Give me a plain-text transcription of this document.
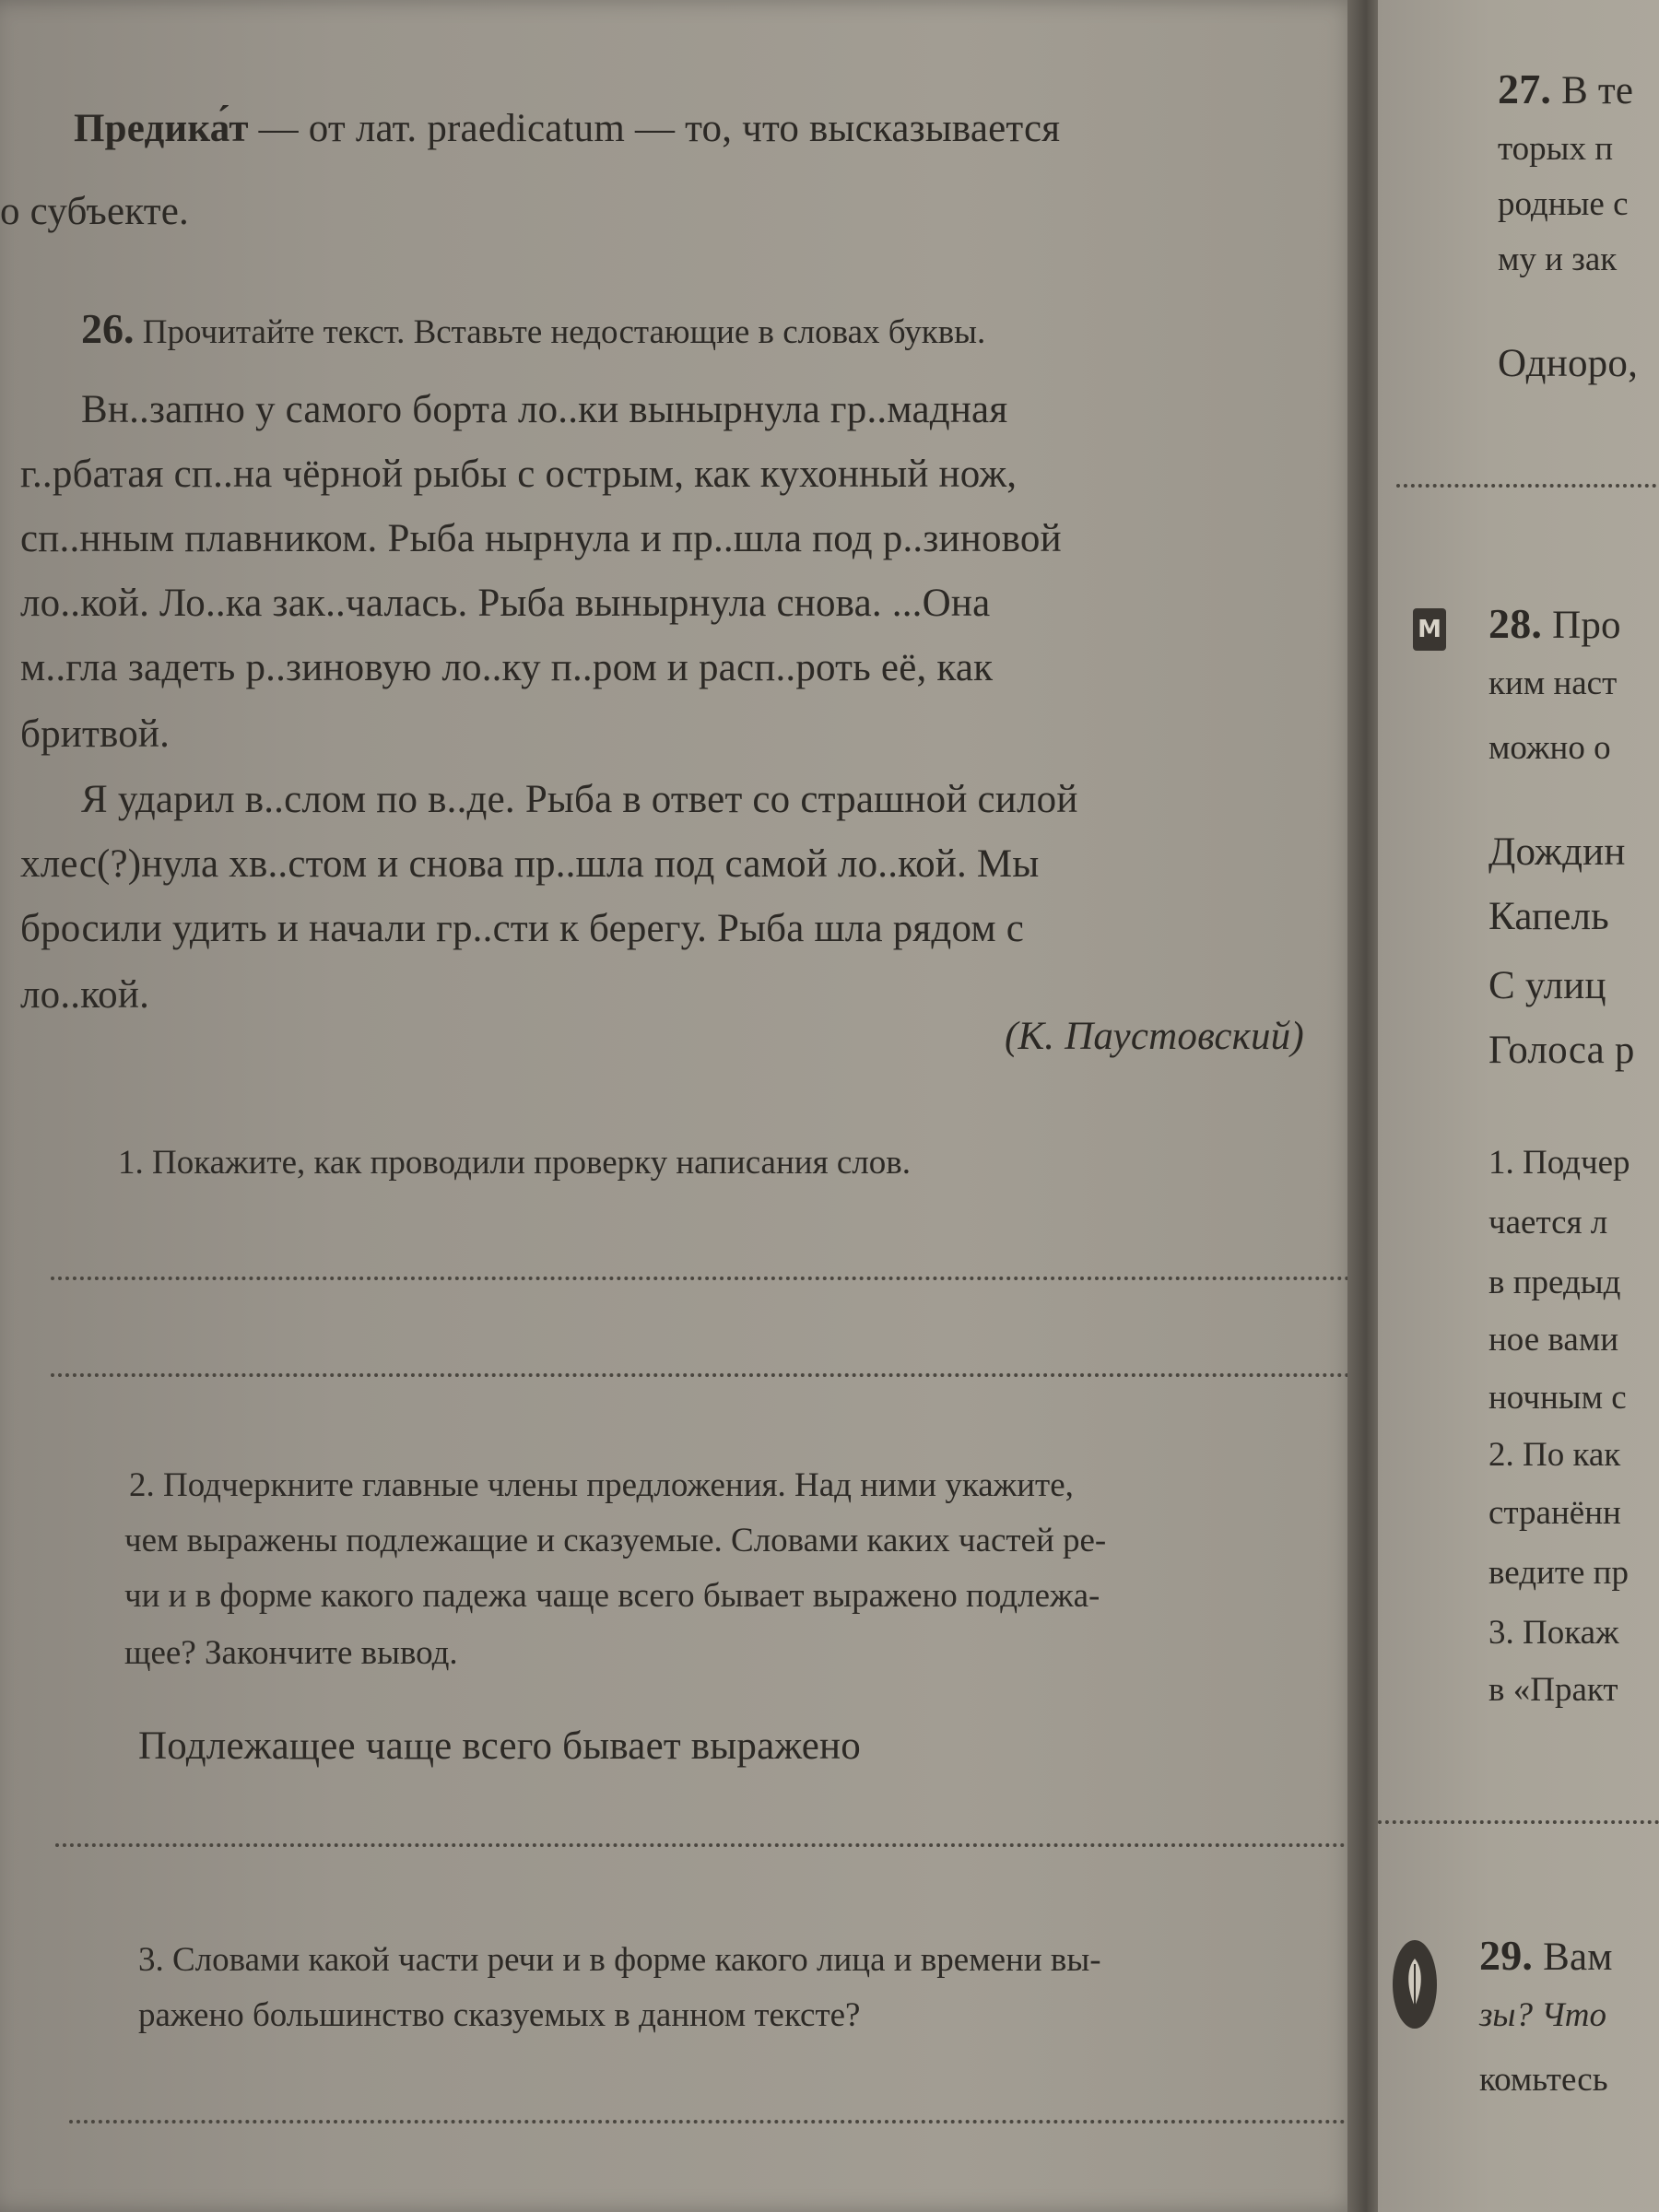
Предика́т — от лат. praedicatum — то, что высказывается
о субъекте.
26. Прочитайте текст. Вставьте недостающие в словах буквы.
Вн..запно у самого борта ло..ки вынырнула гр..мадная
г..рбатая сп..на чёрной рыбы с острым, как кухонный нож,
сп..нным плавником. Рыба нырнула и пр..шла под р..зиновой
ло..кой. Ло..ка зак..чалась. Рыба вынырнула снова. ...Она
м..гла задеть р..зиновую ло..ку п..ром и расп..роть её, как
бритвой.
Я ударил в..слом по в..де. Рыба в ответ со страшной силой
хлес(?)нула хв..стом и снова пр..шла под самой ло..кой. Мы
бросили удить и начали гр..сти к берегу. Рыба шла рядом с
ло..кой.
(К. Паустовский)
1. Покажите, как проводили проверку написания слов.
2. Подчеркните главные члены предложения. Над ними укажите,
чем выражены подлежащие и сказуемые. Словами каких частей ре-
чи и в форме какого падежа чаще всего бывает выражено подлежа-
щее? Закончите вывод.
Подлежащее чаще всего бывает выражено
3. Словами какой части речи и в форме какого лица и времени вы-
ражено большинство сказуемых в данном тексте?
27. В те
торых п
родные с
му и зак
Одноро,
М 28. Про
ким наст
можно о
Дождин
Капель
С улиц
Голоса р
1. Подчер
чается л
в предыд
ное вами
ночным с
2. По как
странённ
ведите пр
3. Покаж
в «Практ
29. Вам
зы? Что
комьтесь
